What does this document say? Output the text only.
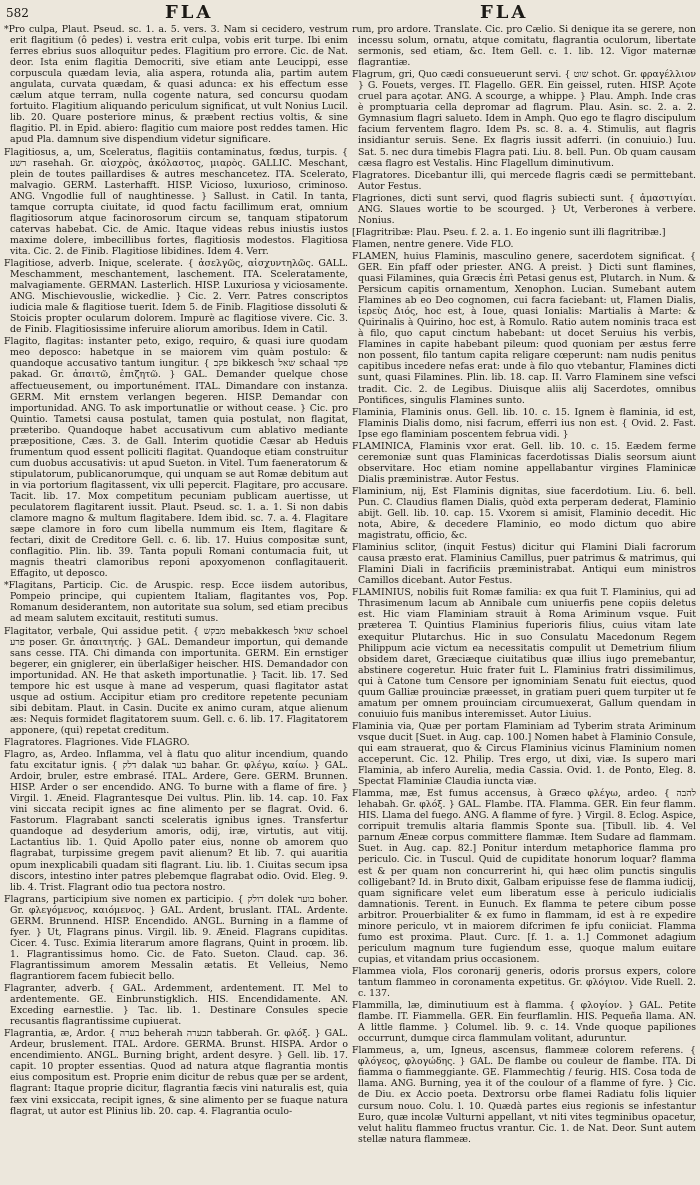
582	FLA	FLA

*Pro culpa, Plaut. Pseud. sc. 1. a. 5. vers. 3. Nam si cecidero, vestrum erit flagitium (ô pedes) i. vestra erit culpa, vobis erit turpe. Ibi enim ferres ebrius suos alloquitur pedes. Flagitium pro errore. Cic. de Nat. deor. Ista enim flagitia Democriti, sive etiam ante Leucippi, esse corpuscula quædam levia, alia aspera, rotunda alia, partim autem angulata, curvata quædam, & quasi adunca: ex his effectum esse cælum atque terram, nulla cogente natura, sed concursu quodam fortuito. Flagitium aliquando periculum significat, ut vult Nonius Lucil. lib. 20. Quare posteriore minus, & præbent rectius voltis, & sine flagitio. Pl. in Epid. abiero: flagitio cum maiore post reddes tamen. Hic apud Pla. damnum sive dispendium videtur significare.

Flagitiosus, a, um, Sceleratus, flagitiis contaminatus, fœdus, turpis. { רשע rasehah. Gr. αἰσχρὸς, ἀκόλαστος, μιαρὸς. GALLIC. Meschant, plein de toutes paillardises & autres meschancetez. ITA. Scelerato, malvagio. GERM. Lasterhafft. HISP. Vicioso, luxurioso, criminoso. ANG. Vngodlie full of naughtinesse. } Sallust. in Catil. In tanta, tamque corrupta ciuitate, id quod factu facillimum erat, omnium flagitiosorum atque facinorosorum circum se, tanquam stipatorum catervas habebat. Cic. de Amic. Itaque videas rebus iniustis iustos maxime dolere, imbecillibus fortes, flagitiosis modestos. Flagitiosa vita. Cic. 2. de Finib. Flagitiose libidines. Idem 4. Verr.

Flagitiose, adverb. Inique, scelerate. { ἀσελγῶς, αἰσχυντηλῶς. GALL. Meschamment, meschantement, laschement. ITA. Sceleratamente, malvagiamente. GERMAN. Lasterlich. HISP. Luxuriosa y viciosamente. ANG. Mischievouslie, wickedlie. } Cic. 2. Verr. Patres conscriptos iudicia male & flagitiose tuerit. Idem 5. de Finib. Flagitiose dissoluti & Stoicis propter ocularum dolorem. Impurè ac flagitiose vivere. Cic. 3. de Finib. Flagitiosissime inferuire aliorum amoribus. Idem in Catil.

Flagito, flagitas: instanter peto, exigo, requiro, & quasi iure quodam meo deposco: habetque in se maiorem vim quàm postulo: & quandoque accusativo tantum iungitur. { פקב bikkesch שאל schaal פקד pakad. Gr. ἀπαιτῶ, ἐπιζητῶ. } GAL. Demander quelque chose affectueusement, ou importunément. ITAL. Dimandare con instanza. GERM. Mit ernstem verlangen begeren. HISP. Demandar con importunidad. ANG. To ask importunatlie or without cease. } Cic. pro Quintio. Tametsi causa postulat, tamen quia postulat, non flagitat, præteribo. Quandoque habet accusativum cum ablativo mediante præpositione, Cæs. 3. de Gall. Interim quotidie Cæsar ab Heduis frumentum quod essent polliciti flagitat. Quandoque etiam construitur cum duobus accusativis: ut apud Sueton. in Vitel. Tum faeneratorum & stipulatorum, publicanorumque, qui unquam se aut Romæ debitum aut in via portorium flagitassent, vix ulli pepercit. Flagitare, pro accusare. Tacit. lib. 17. Mox competitum pecuniam publicam auertisse, ut peculatorem flagitarent iussit. Plaut. Pseud. sc. 1. a. 1. Si non dabis clamore magno & multum flagitabere. Idem ibid. sc. 7. a. 4. Flagitare sæpe clamore in foro cum libella nummum eis Item, flagitare & fectari, dixit de Creditore Gell. c. 6. lib. 17. Huius compositæ sunt, conflagitio. Plin. lib. 39. Tanta populi Romani contumacia fuit, ut magnis theatri clamoribus reponi apoxyomenon conflagitauerit. Effagito, ut deposco.

*Flagitans, Particip. Cic. de Aruspic. resp. Ecce iisdem autoribus, Pompeio principe, qui cupientem Italiam, flagitantes vos, Pop. Romanum desiderantem, non autoritate sua solum, sed etiam precibus ad meam salutem excitauit, restituti sumus.

Flagitator, verbale, Qui assidue petit. { מבקש mebakkesch שואל schoel פרע poser. Gr. ἀπαιτητής. } GAL. Demandeur importun, qui demande sans cesse. ITA. Chi dimanda con importunita. GERM. Ein ernstiger begerer, ein gniglerer, ein überlaßiger heischer. HIS. Demandador con importunidad. AN. He that asketh importunatlie. } Tacit. lib. 17. Sed tempore hic est usque à mane ad vesperum, quasi flagitator astat usque ad ostium. Accipitur etiam pro creditore repetente pecuniam sibi debitam. Plaut. in Casin. Ducite ex animo curam, atque alienum æs: Nequis formidet flagitatorem suum. Gell. c. 6. lib. 17. Flagitatorem apponere, (qui) repetat creditum.

Flagratores. Flagriones. Vide FLAGRO.

Flagro, as, Ardeo. Inflamma, vel à flatu quo alitur incendium, quando fatu excitatur ignis. { דלק dalak בער bahar. Gr. φλέγω, καίω. } GAL. Ardoir, bruler, estre embrasé. ITAL. Ardere, Gere. GERM. Brunnen. HISP. Arder o ser encendido. ANG. To burne with a flame of fire. } Virgil. 1. Æneid. Flagrantesque Dei vultus. Plin. lib. 14. cap. 10. Fax vini siccata recipit ignes ac fine alimento per se flagrat. Ovid. 6. Fastorum. Flagrabant sancti sceleratis ignibus ignes. Transfertur quandoque ad desyderium amoris, odij, iræ, virtutis, aut vitij. Lactantius lib. 1. Quid Apollo pater eius, nonne ob amorem quo flagrabat, turpissime gregem pavit alienum? Et lib. 7. qui auaritia opum inexplicabili quadam siti flagrant. Liu. lib. 1. Ciuitas secum ipsa discors, intestino inter patres plebemque flagrabat odio. Ovid. Eleg. 9. lib. 4. Trist. Flagrant odio tua pectora nostro.

Flagrans, participium sive nomen ex participio. { דולק dolek בוער boher. Gr. φλεγόμενος, καιόμενος. } GAL. Ardent, bruslant. ITAL. Ardente. GERM. Brunnend. HISP. Encendido. ANGL. Burning in a flamme of fyer. } Ut, Flagrans pinus. Virgil. lib. 9. Æneid. Flagrans cupiditas. Cicer. 4. Tusc. Eximia literarum amore flagrans, Quint in proœm. lib. 1. Flagrantissimus homo. Cic. de Fato. Sueton. Claud. cap. 36. Flagrantissimum amorem Messalin ætatis. Et Velleius, Nemo flagrantiorem facem fubiecit bello.

Flagranter, adverb. { GAL. Ardemment, ardentement. IT. Mel to ardentemente. GE. Einbrunstigklich. HIS. Encendidamente. AN. Exceding earnestlie. } Tac. lib. 1. Destinare Consules specie recusantis flagrantissime cupiuerat.

Flagrantia, æ, Ardor. { בערה beherah תבערה tabberah. Gr. φλόξ. } GAL. Ardeur, bruslement. ITAL. Ardore. GERMA. Brunst. HISPA. Ardor o encendimiento. ANGL. Burning bright, ardent desyre. } Gell. lib. 17. capit. 10 propter essentias. Quod ad natura atque flagrantia montis eius compositum est. Proprie enim dicitur de rebus quæ per se ardent, flagrant: Itaque proprie dicitur, flagrantia fæcis vini naturalis est, quia fæx vini exsiccata, recipit ignes, & sine alimento per se fuaque natura flagrat, ut autor est Plinius lib. 20. cap. 4. Flagrantia oculo-

rum, pro ardore. Translate. Cic. pro Cælio. Si denique ita se gerere, non incessu solum, ornatu, atque comitatu, flagrantia oculorum, libertate sermonis, sed etiam, &c. Item Gell. c. 1. lib. 12. Vigor maternæ flagrantiæ.

Flagrum, gri, Quo cædi consueuerunt servi. { שוט schot. Gr. φραγέλλιον } G. Fouets, verges. IT. Flagello. GER. Ein geissel, ruten. HISP. Açote cruel para açotar. ANG. A scourge, a whippe. } Plau. Amph. Inde cras è promptuaria cella depromar ad flagrum. Plau. Asin. sc. 2. a. 2. Gymnasium flagri salueto. Idem in Amph. Quo ego te flagro discipulum facium ferventem flagro. Idem Ps. sc. 8. a. 4. Stimulis, aut flagris insidiantur seruis. Sene. Ex flagris iussit adferri. (in conuiuio.) Iuu. Sat. 5. nec dura timebis Flagra pati. Liu. 8. bell. Pun. Ob quam causam cæsa flagro est Vestalis. Hinc Flagellum diminutivum.

Flagratores. Dicebantur illi, qui mercede flagris cædi se permittebant. Autor Festus.

Flagriones, dicti sunt servi, quod flagris subiecti sunt. { ἀμαστιγίαι. ANG. Slaues wortie to be scourged. } Ut, Verberones à verbere. Nonius.

[Flagritribæ: Plau. Pseu. f. 2. a. 1. Eo ingenio sunt illi flagritribæ.]

Flamen, nentre genere. Vide FLO.

FLAMEN, huius Flaminis, masculino genere, sacerdotem significat. { GER. Ein pfaff oder priester. ANG. A preist. } Dicti sunt flamines, quasi Filamines, quia Græcis ἐπὶ Petasi genus est, Plutarch. in Num. & Persicum capitis ornamentum, Xenophon. Lucian. Sumebant autem Flamines ab eo Deo cognomen, cui facra faciebant: ut, Flamen Dialis, ἱερεὺς Διός, hoc est, à Ioue, quasi Ionialis: Martialis à Marte: & Quirinalis à Quirino, hoc est, à Romulo. Ratio autem nominis traca est à filo, quo caput cinctum habebant: ut docet Seruius his verbis, Flamines in capite habebant pileum: quod quoniam per æstus ferre non possent, filo tantum capita religare cœperunt: nam nudis penitus capitibus incedere nefas erat: unde à filo quo vtebantur, Flamines dicti sunt, quasi Filamines. Plin. lib. 18. cap. II. Varro Flaminem sine vefsci tradit. Cic. 2. de Legibus. Diuisque aliis alij Sacerdotes, omnibus Pontifices, singulis Flamines sunto.

Flaminia, Flaminis onus. Gell. lib. 10. c. 15. Ignem è flaminia, id est, Flaminis Dialis domo, nisi facrum, efferri ius non est. { Ovid. 2. Fast. Ipse ego flaminiam poscentem februa vidi. }

FLAMINICA, Flaminis vxor erat. Gell. lib. 10. c. 15. Eædem ferme ceremoniæ sunt quas Flaminicas facerdotissas Dialis seorsum aiunt observitare. Hoc etiam nomine appellabantur virgines Flaminicæ Dialis præministræ. Autor Festus.

Flaminium, nij, Est Flaminis dignitas, siue facerdotium. Liu. 6. bell. Pun. C. Claudius flamen Dialis, quòd exta perperam dederat, Flaminio abijt. Gell. lib. 10. cap. 15. Vxorem si amisit, Flaminio decedit. Hic nota, Abire, & decedere Flaminio, eo modo dictum quo abire magistratu, officio, &c.

Flaminius sclitor, (inquit Festus) dicitur qui Flamini Diali facrorum causa præsto erat. Flaminius Camillus, puer patrimus & matrimus, qui Flamini Diali in facrificiis præministrabat. Antiqui eum ministros Camillos dicebant. Autor Festus.

FLAMINIUS, nobilis fuit Romæ familia: ex qua fuit T. Flaminius, qui ad Thrasimenum lacum ab Annibale cum uniuerfis pene copiis deletus est. Hic viam Flaminiam strauit à Roma Ariminum vsque. Fuit præterea T. Quintius Flaminius fuperioris filius, cuius vitam late exequitur Plutarchus. Hic in suo Consulatu Macedonum Regem Philippum acie victum ea necessitatis compulit ut Demetrium filium obsidem daret, Græciæque ciuitatibus quæ illius iugo premebantur, abstinere cogeretur. Huic frater fuit L. Flaminius fratri dissimilimus, qui à Catone tum Censore per ignominiam Senatu fuit eiectus, quod quum Galliæ prouinciæ præesset, in gratiam pueri quem turpiter ut fe amatum per omnem prouinciam circumuexerat, Gallum quendam in conuiuio fuis manibus interemisset. Autor Liuius.

Flaminia via, Quæ per portam Flaminiam ad Tyberim strata Ariminum vsque ducit [Suet. in Aug. cap. 100.] Nomen habet à Flaminio Consule, qui eam strauerat, quo & Circus Flaminius vicinus Flaminium nomen acceperunt. Cic. 12. Philip. Tres ergo, ut dixi, viæ. Is supero mari Flaminia, ab infero Aurelia, media Cassia. Ovid. 1. de Ponto, Eleg. 8. Spectat Flaminiæ Claudia iuncta viæ.

Flamma, mæ, Est fumus accensus, à Græco φλέγω, ardeo. { להבה lehabah. Gr. φλόξ. } GAL. Flambe. ITA. Flamma. GER. Ein feur flamm. HIS. Llama del fuego. ANG. A flamme of fyre. } Virgil. 8. Eclog. Aspice, corripuit tremulis altaria flammis Sponte sua. [Tibull. lib. 4. Vel parnum Æneæ corpus committere flammæ. Item Sudare ad flammam. Suet. in Aug. cap. 82.] Ponitur interdum metaphorice flamma pro periculo. Cic. in Tuscul. Quid de cupiditate honorum loquar? flamma est & per quam non concurrerint hi, qui hæc olim punctis singulis colligebant? Id. in Bruto dixit, Galbam eripuisse fese de flamma iudicij, quam significare velet eum liberatum esse à periculo iudicialis damnationis. Terent. in Eunuch. Ex flamma te petere cibum posse arbitror. Prouerbialiter & ex fumo in flammam, id est à re expedire minore periculo, vt in maiorem difcrimen fe ipfu coniiciat. Flamma fumo est proxima. Plaut. Curc. [f. 1. a. 1.] Commonet adagium periculum magnum ture fugiendum esse, quoque malum euitare cupias, et vitandam prius occasionem.

Flammea viola, Flos coronarij generis, odoris prorsus expers, colore tantum flammeo in coronamenta expetitus. Gr. φλόγιον. Vide Ruell. 2. c. 137.

Flammilla, læ, diminutiuum est à flamma. { φλογίον. } GAL. Petite flambe. IT. Fiammella. GER. Ein feurflamlin. HIS. Pequeña llama. AN. A little flamme. } Columel. lib. 9. c. 14. Vnde quoque papiliones occurrunt, dumque circa flammulam volitant, aduruntur.

Flammeus, a, um, Igneus, ascensus, flammeæ colorem referens. { φλόγεος, φλογώδης. } GAL. De flambe ou couleur de flambe. ITA. Di fiamma o fiammeggiante. GE. Flammechtig / feurig. HIS. Cosa toda de llama. ANG. Burning, yea it of the coulour of a flamme of fyre. } Cic. de Diu. ex Accio poeta. Dextrorsu orbe flamei Radiatu folis liquier cursum nouo. Colu. l. 10. Quædà partes eius regionis se infestantur Euro, quæ incolæ Vulturni appellant, vt niti vites tegminibus opacetur, velut halitu flammeo fructus vrantur. Cic. 1. de Nat. Deor. Sunt autem stellæ natura flammeæ.
